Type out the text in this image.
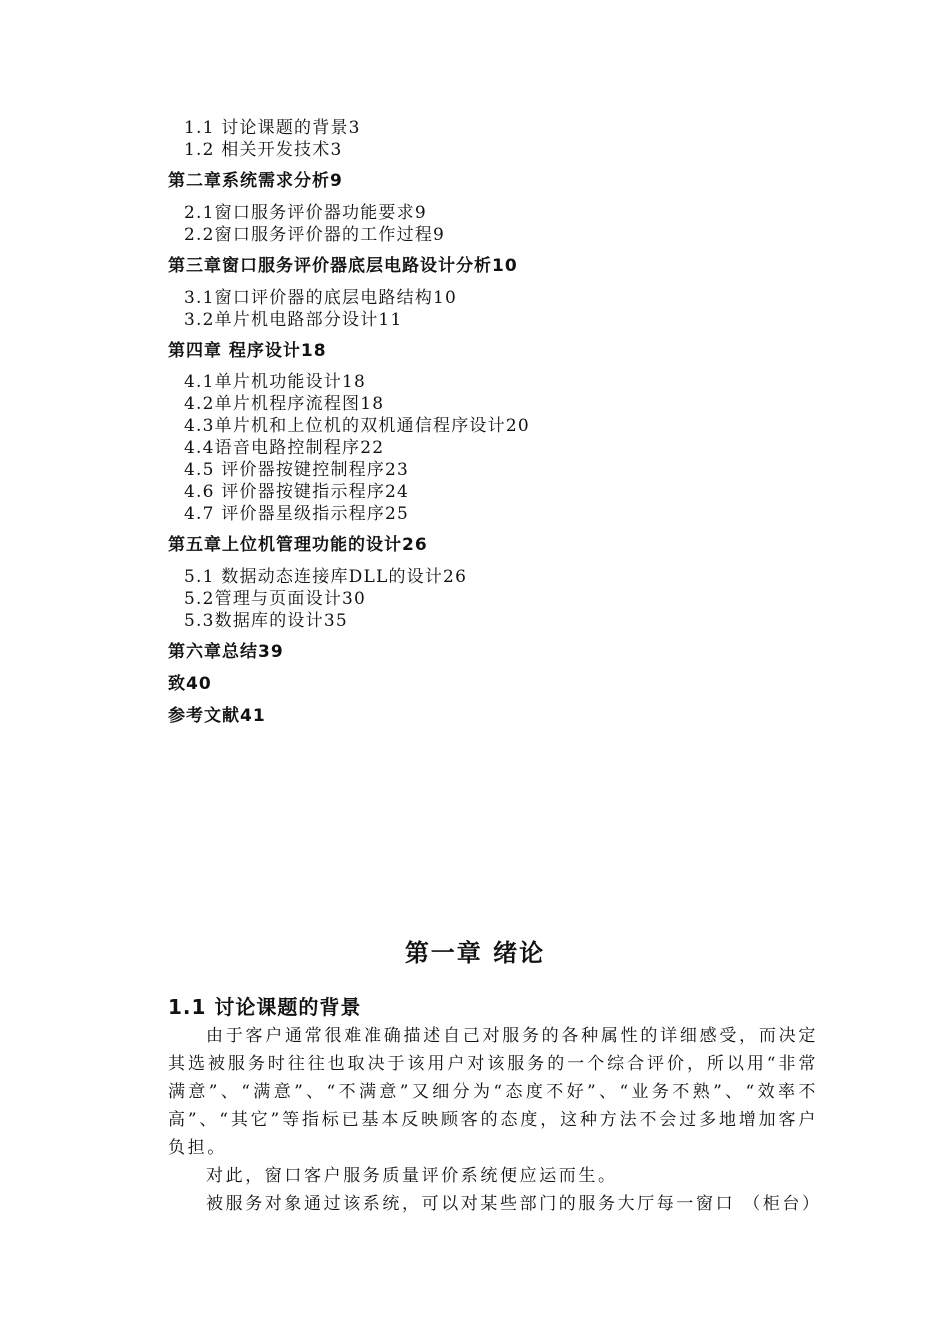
1.1 讨论课题的背景3
1.2 相关开发技术3
第二章系统需求分析9
2.1窗口服务评价器功能要求9
2.2窗口服务评价器的工作过程9
第三章窗口服务评价器底层电路设计分析10
3.1窗口评价器的底层电路结构10
3.2单片机电路部分设计11
第四章 程序设计18
4.1单片机功能设计18
4.2单片机程序流程图18
4.3单片机和上位机的双机通信程序设计20
4.4语音电路控制程序22
4.5 评价器按键控制程序23
4.6 评价器按键指示程序24
4.7 评价器星级指示程序25
第五章上位机管理功能的设计26
5.1 数据动态连接库DLL的设计26
5.2管理与页面设计30
5.3数据库的设计35
第六章总结39
致40
参考文献41
第一章 绪论
1.1 讨论课题的背景

由于客户通常很难准确描述自己对服务的各种属性的详细感受，而决定其选被服务时往往也取决于该用户对该服务的一个综合评价，所以用“非常满意”、“满意”、“不满意”又细分为“态度不好”、“业务不熟”、“效率不高”、“其它”等指标已基本反映顾客的态度，这种方法不会过多地增加客户负担。

对此，窗口客户服务质量评价系统便应运而生。

被服务对象通过该系统，可以对某些部门的服务大厅每一窗口 （柜台）
